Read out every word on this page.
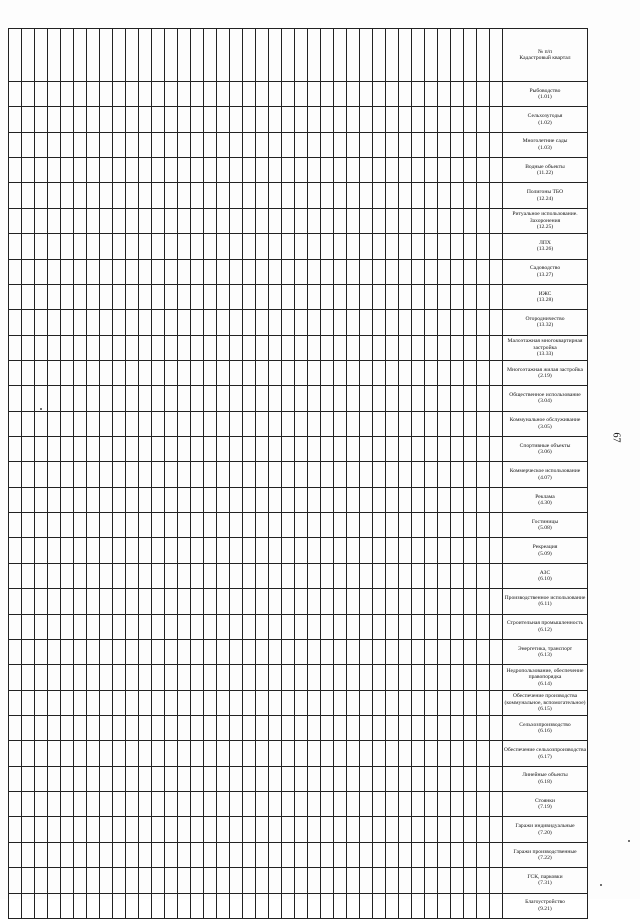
																																						№ п/п
Кадастровый квартал

																																						Рыбоводство
(1.01)

																																						Сельхозугодья
(1.02)

																																						Многолетние сады
(1.03)

																																						Водные объекты
(11.22)

																																						Полигоны ТБО
(12.24)

																																						Ритуальное использование. Захоронения
(12.25)

																																						ЛПХ
(13.26)

																																						Садоводство
(13.27)

																																						ИЖС
(13.28)

																																						Огородничество
(13.32)

																																						Малоэтажная многоквартирная застройка
(13.33)

																																						Многоэтажная жилая застройка
(2.19)

																																						Общественное использование
(3.04)

																																						Коммунальное обслуживание
(3.05)

																																						Спортивные объекты
(3.06)

																																						Коммерческое использование
(4.07)

																																						Реклама
(4.30)

																																						Гостиницы
(5.08)

																																						Рекреация
(5.09)

																																						АЗС
(6.10)

																																						Производственное использование
(6.11)

																																						Строительная промышленность
(6.12)

																																						Энергетика, транспорт
(6.13)

																																						Недропользование, обеспечение правопорядка
(6.14)

																																						Обеспечение производства (коммунальное, вспомогательное)
(6.15)

																																						Сельхозпроизводство
(6.16)

																																						Обеспечение сельхозпроизводства
(6.17)

																																						Линейные объекты
(6.18)

																																						Стоянки
(7.19)

																																						Гаражи индивидуальные
(7.20)

																																						Гаражи производственные
(7.22)

																																						ГСК, парковки
(7.31)

																																						Благоустройство
(9.21)
67
